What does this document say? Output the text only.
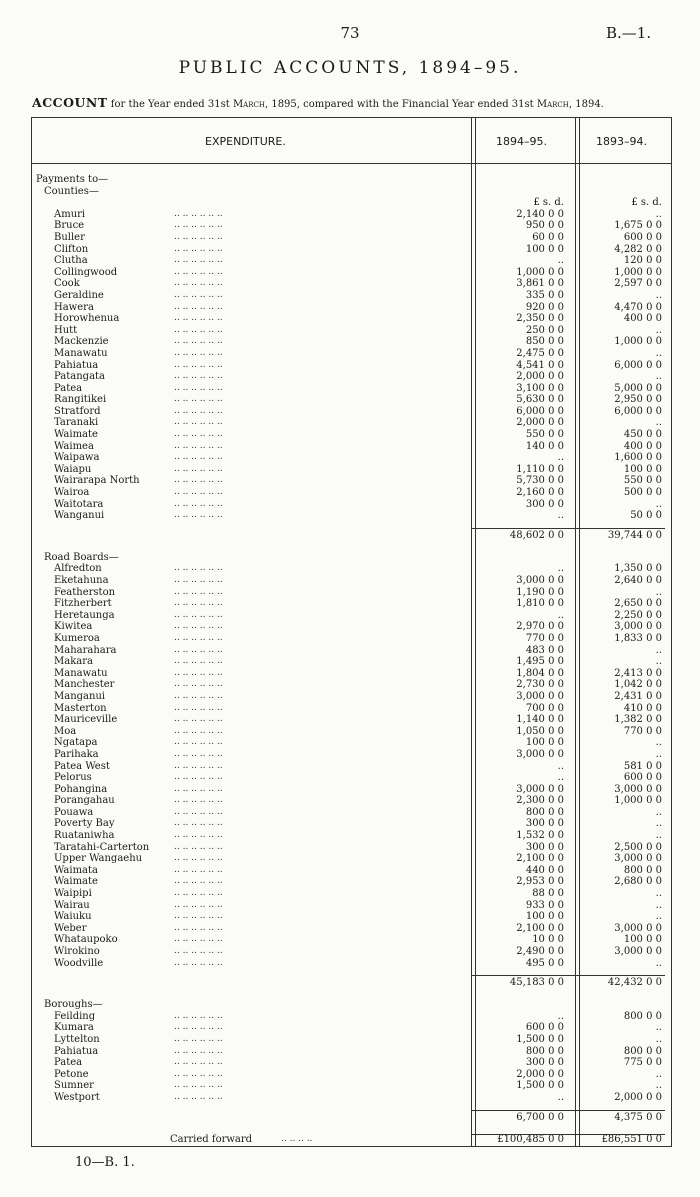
73	B.—1.
PUBLIC ACCOUNTS, 1894–95.
ACCOUNT for the Year ended 31st March, 1895, compared with the Financial Year ended 31st March, 1894.
EXPENDITURE.	1894–95.	1893–94.
Payments to—
Counties—
£ s. d.	£ s. d.
Amuri	.. .. .. .. .. ..	2,140 0 0	..
Bruce	.. .. .. .. .. ..	950 0 0	1,675 0 0
Buller	.. .. .. .. .. ..	60 0 0	600 0 0
Clifton	.. .. .. .. .. ..	100 0 0	4,282 0 0
Clutha	.. .. .. .. .. ..	..	120 0 0
Collingwood	.. .. .. .. .. ..	1,000 0 0	1,000 0 0
Cook	.. .. .. .. .. ..	3,861 0 0	2,597 0 0
Geraldine	.. .. .. .. .. ..	335 0 0	..
Hawera	.. .. .. .. .. ..	920 0 0	4,470 0 0
Horowhenua	.. .. .. .. .. ..	2,350 0 0	400 0 0
Hutt	.. .. .. .. .. ..	250 0 0	..
Mackenzie	.. .. .. .. .. ..	850 0 0	1,000 0 0
Manawatu	.. .. .. .. .. ..	2,475 0 0	..
Pahiatua	.. .. .. .. .. ..	4,541 0 0	6,000 0 0
Patangata	.. .. .. .. .. ..	2,000 0 0	..
Patea	.. .. .. .. .. ..	3,100 0 0	5,000 0 0
Rangitikei	.. .. .. .. .. ..	5,630 0 0	2,950 0 0
Stratford	.. .. .. .. .. ..	6,000 0 0	6,000 0 0
Taranaki	.. .. .. .. .. ..	2,000 0 0	..
Waimate	.. .. .. .. .. ..	550 0 0	450 0 0
Waimea	.. .. .. .. .. ..	140 0 0	400 0 0
Waipawa	.. .. .. .. .. ..	..	1,600 0 0
Waiapu	.. .. .. .. .. ..	1,110 0 0	100 0 0
Wairarapa North	.. .. .. .. .. ..	5,730 0 0	550 0 0
Wairoa	.. .. .. .. .. ..	2,160 0 0	500 0 0
Waitotara	.. .. .. .. .. ..	300 0 0	..
Wanganui	.. .. .. .. .. ..	..	50 0 0
48,602 0 0	39,744 0 0
Road Boards—
Alfredton	.. .. .. .. .. ..	..	1,350 0 0
Eketahuna	.. .. .. .. .. ..	3,000 0 0	2,640 0 0
Featherston	.. .. .. .. .. ..	1,190 0 0	..
Fitzherbert	.. .. .. .. .. ..	1,810 0 0	2,650 0 0
Heretaunga	.. .. .. .. .. ..	..	2,250 0 0
Kiwitea	.. .. .. .. .. ..	2,970 0 0	3,000 0 0
Kumeroa	.. .. .. .. .. ..	770 0 0	1,833 0 0
Maharahara	.. .. .. .. .. ..	483 0 0	..
Makara	.. .. .. .. .. ..	1,495 0 0	..
Manawatu	.. .. .. .. .. ..	1,804 0 0	2,413 0 0
Manchester	.. .. .. .. .. ..	2,730 0 0	1,042 0 0
Manganui	.. .. .. .. .. ..	3,000 0 0	2,431 0 0
Masterton	.. .. .. .. .. ..	700 0 0	410 0 0
Mauriceville	.. .. .. .. .. ..	1,140 0 0	1,382 0 0
Moa	.. .. .. .. .. ..	1,050 0 0	770 0 0
Ngatapa	.. .. .. .. .. ..	100 0 0	..
Parihaka	.. .. .. .. .. ..	3,000 0 0	..
Patea West	.. .. .. .. .. ..	..	581 0 0
Pelorus	.. .. .. .. .. ..	..	600 0 0
Pohangina	.. .. .. .. .. ..	3,000 0 0	3,000 0 0
Porangahau	.. .. .. .. .. ..	2,300 0 0	1,000 0 0
Pouawa	.. .. .. .. .. ..	800 0 0	..
Poverty Bay	.. .. .. .. .. ..	300 0 0	..
Ruataniwha	.. .. .. .. .. ..	1,532 0 0	..
Taratahi-Carterton	.. .. .. .. .. ..	300 0 0	2,500 0 0
Upper Wangaehu	.. .. .. .. .. ..	2,100 0 0	3,000 0 0
Waimata	.. .. .. .. .. ..	440 0 0	800 0 0
Waimate	.. .. .. .. .. ..	2,953 0 0	2,680 0 0
Waipipi	.. .. .. .. .. ..	88 0 0	..
Wairau	.. .. .. .. .. ..	933 0 0	..
Waiuku	.. .. .. .. .. ..	100 0 0	..
Weber	.. .. .. .. .. ..	2,100 0 0	3,000 0 0
Whataupoko	.. .. .. .. .. ..	10 0 0	100 0 0
Wirokino	.. .. .. .. .. ..	2,490 0 0	3,000 0 0
Woodville	.. .. .. .. .. ..	495 0 0	..
45,183 0 0	42,432 0 0
Boroughs—
Feilding	.. .. .. .. .. ..	..	800 0 0
Kumara	.. .. .. .. .. ..	600 0 0	..
Lyttelton	.. .. .. .. .. ..	1,500 0 0	..
Pahiatua	.. .. .. .. .. ..	800 0 0	800 0 0
Patea	.. .. .. .. .. ..	300 0 0	775 0 0
Petone	.. .. .. .. .. ..	2,000 0 0	..
Sumner	.. .. .. .. .. ..	1,500 0 0	..
Westport	.. .. .. .. .. ..	..	2,000 0 0
6,700 0 0	4,375 0 0
Carried forward	.. .. .. ..	£100,485 0 0	£86,551 0 0
10—B. 1.
